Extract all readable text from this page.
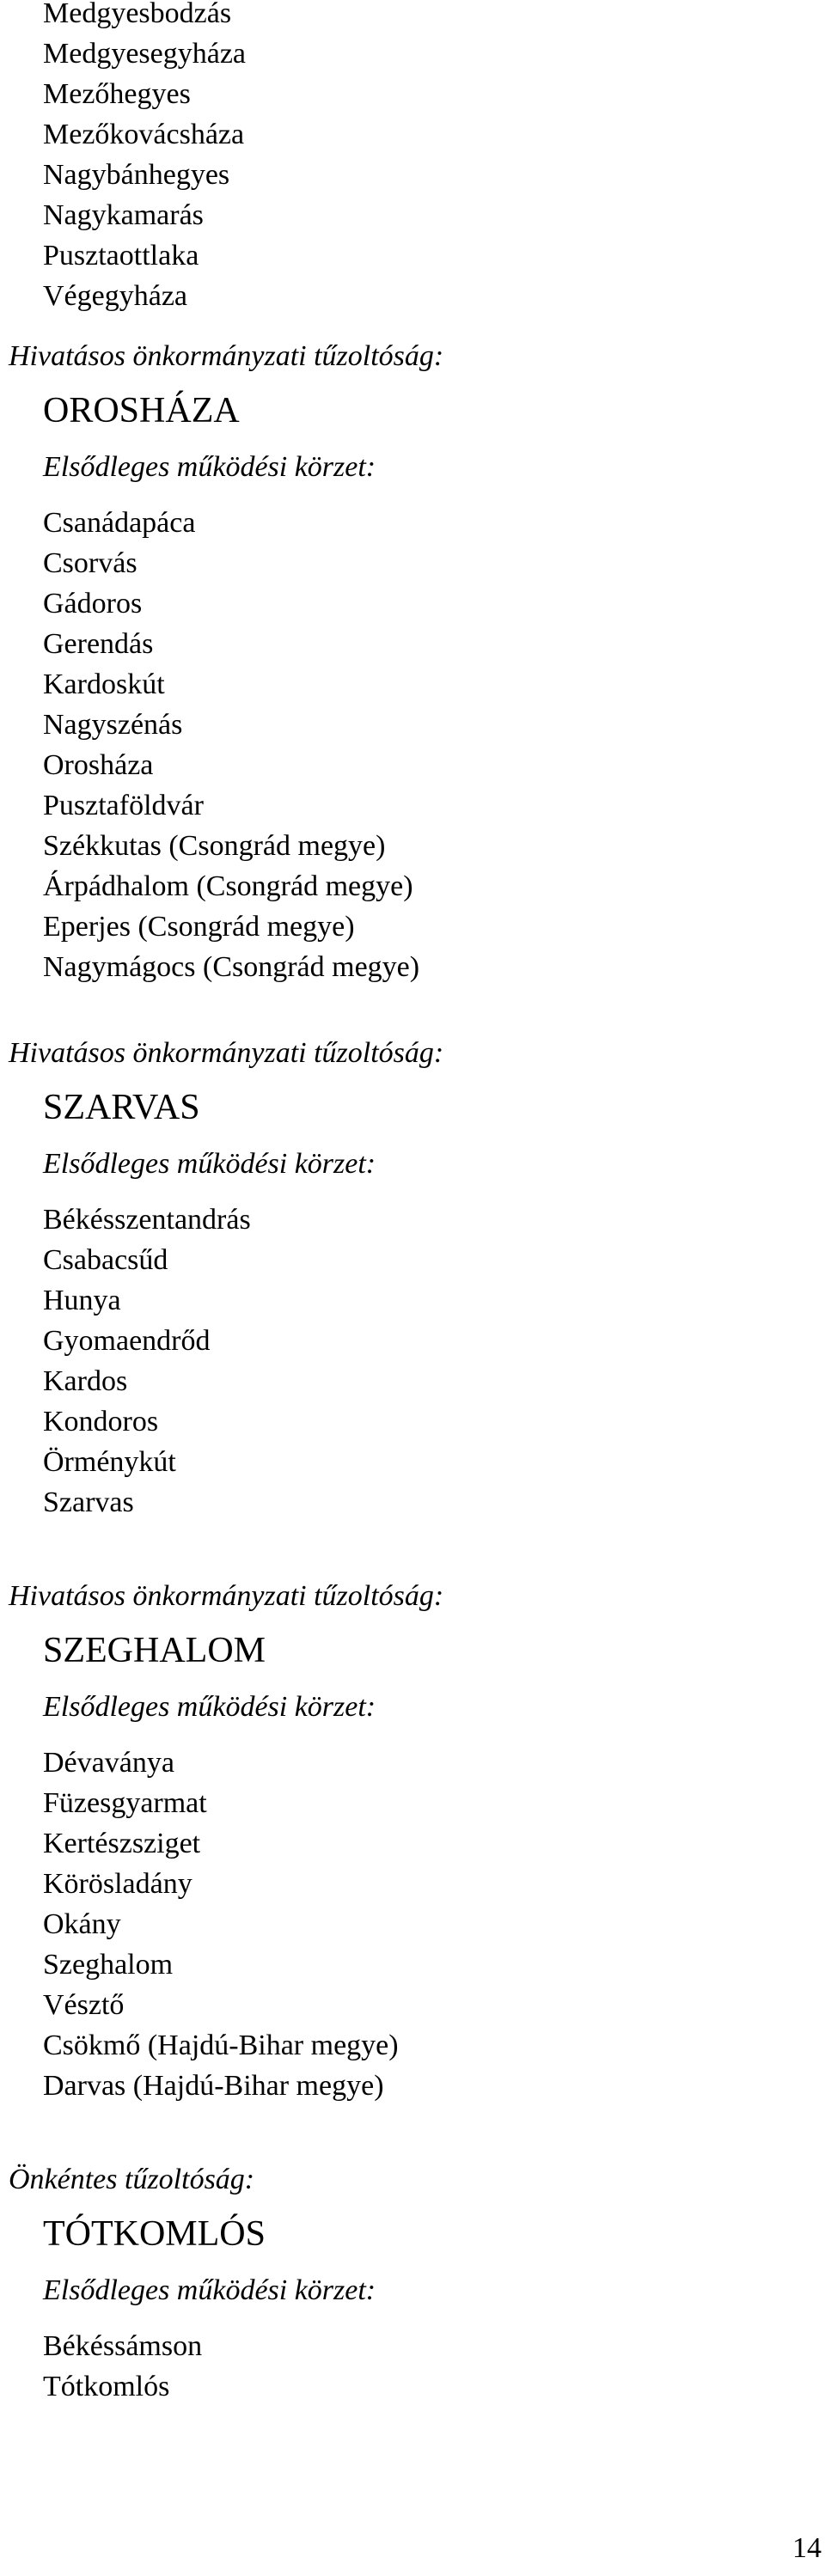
Medgyesbodzás
Medgyesegyháza
Mezőhegyes
Mezőkovácsháza
Nagybánhegyes
Nagykamarás
Pusztaottlaka
Végegyháza
Hivatásos önkormányzati tűzoltóság:
OROSHÁZA
Elsődleges működési körzet:
Csanádapáca
Csorvás
Gádoros
Gerendás
Kardoskút
Nagyszénás
Orosháza
Pusztaföldvár
Székkutas (Csongrád megye)
Árpádhalom (Csongrád megye)
Eperjes (Csongrád megye)
Nagymágocs (Csongrád megye)
Hivatásos önkormányzati tűzoltóság:
SZARVAS
Elsődleges működési körzet:
Békésszentandrás
Csabacsűd
Hunya
Gyomaendrőd
Kardos
Kondoros
Örménykút
Szarvas
Hivatásos önkormányzati tűzoltóság:
SZEGHALOM
Elsődleges működési körzet:
Dévaványa
Füzesgyarmat
Kertészsziget
Körösladány
Okány
Szeghalom
Vésztő
Csökmő (Hajdú-Bihar megye)
Darvas (Hajdú-Bihar megye)
Önkéntes tűzoltóság:
TÓTKOMLÓS
Elsődleges működési körzet:
Békéssámson
Tótkomlós
14
